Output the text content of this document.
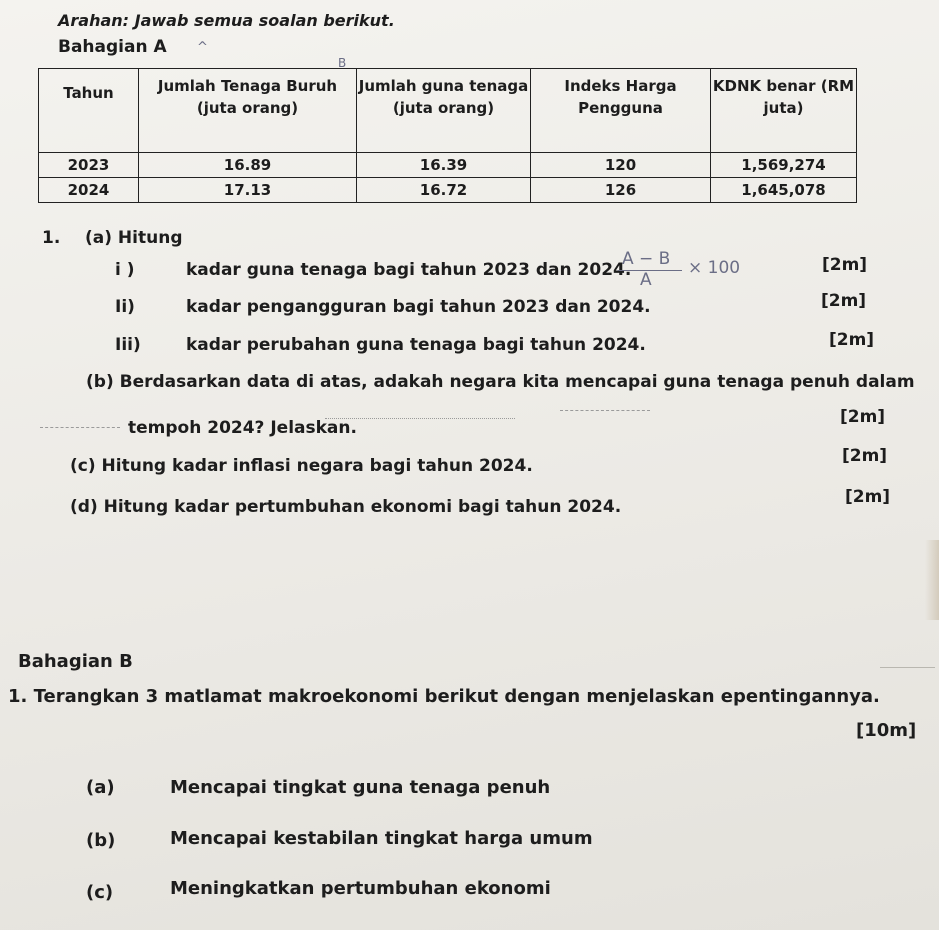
Arahan: Jawab semua soalan berikut.
Bahagian A ^
B
Tahun	Jumlah Tenaga Buruh (juta orang)	Jumlah guna tenaga (juta orang)	Indeks Harga Pengguna	KDNK benar (RM juta)
2023	16.89	16.39	120	1,569,274
2024	17.13	16.72	126	1,645,078
1. (a) Hitung
i )	kadar guna tenaga bagi tahun 2023 dan 2024.	[2m]
A − B
A
× 100
Ii)	kadar pengangguran bagi tahun 2023 dan 2024.	[2m]
Iii)	kadar perubahan guna tenaga bagi tahun 2024.	[2m]
(b) Berdasarkan data di atas, adakah negara kita mencapai guna tenaga penuh dalam
tempoh 2024? Jelaskan.
[2m]
(c) Hitung kadar inflasi negara bagi tahun 2024.	[2m]
(d) Hitung kadar pertumbuhan ekonomi bagi tahun 2024.	[2m]
Bahagian B
1. Terangkan 3 matlamat makroekonomi berikut dengan menjelaskan epentingannya.
[10m]
(a)	Mencapai tingkat guna tenaga penuh
(b)	Mencapai kestabilan tingkat harga umum
(c)	Meningkatkan pertumbuhan ekonomi
